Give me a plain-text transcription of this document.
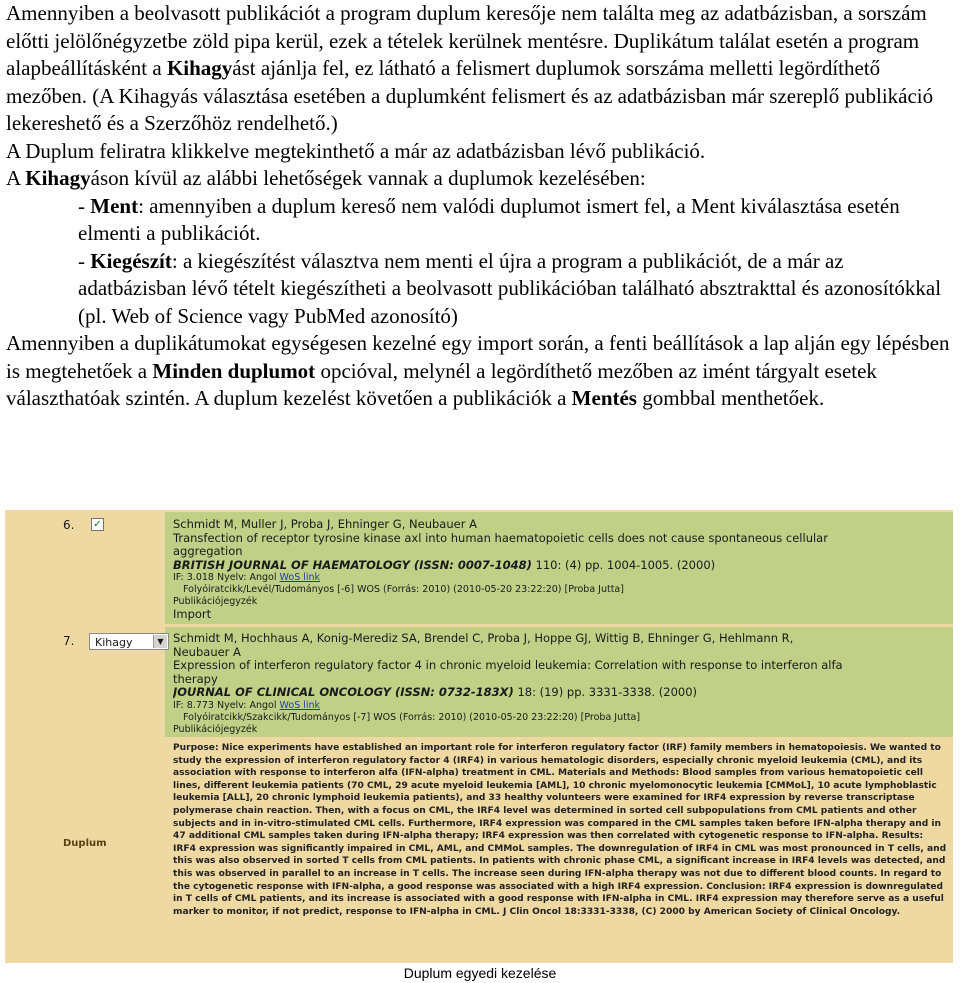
Amennyiben a beolvasott publikációt a program duplum keresője nem találta meg az adatbázisban, a sorszám előtti jelölőnégyzetbe zöld pipa kerül, ezek a tételek kerülnek mentésre. Duplikátum találat esetén a program alapbeállításként a Kihagyást ajánlja fel, ez látható a felismert duplumok sorszáma melletti legördíthető mezőben. (A Kihagyás választása esetében a duplumként felismert és az adatbázisban már szereplő publikáció lekereshető és a Szerzőhöz rendelhető.)

A Duplum feliratra klikkelve megtekinthető a már az adatbázisban lévő publikáció.

A Kihagyáson kívül az alábbi lehetőségek vannak a duplumok kezelésében:

- Ment: amennyiben a duplum kereső nem valódi duplumot ismert fel, a Ment kiválasztása esetén elmenti a publikációt.

- Kiegészít: a kiegészítést választva nem menti el újra a program a publikációt, de a már az adatbázisban lévő tételt kiegészítheti a beolvasott publikációban található absztrakttal és azonosítókkal (pl. Web of Science vagy PubMed azonosító)

Amennyiben a duplikátumokat egységesen kezelné egy import során, a fenti beállítások a lap alján egy lépésben is megtehetőek a Minden duplumot opcióval, melynél a legördíthető mezőben az imént tárgyalt esetek választhatóak szintén. A duplum kezelést követően a publikációk a Mentés gombbal menthetőek.

6. ✓	Schmidt M, Muller J, Proba J, Ehninger G, Neubauer A
Transfection of receptor tyrosine kinase axl into human haematopoietic cells does not cause spontaneous cellular
aggregation
BRITISH JOURNAL OF HAEMATOLOGY (ISSN: 0007-1048) 110: (4) pp. 1004-1005. (2000)
IF: 3.018 Nyelv: Angol WoS link
Folyóiratcikk/Levél/Tudományos [-6] WOS (Forrás: 2010) (2010-05-20 23:22:20) [Proba Jutta]
Publikációjegyzék
Import
7.	Kihagy	▼ Schmidt M, Hochhaus A, Konig-Merediz SA, Brendel C, Proba J, Hoppe GJ, Wittig B, Ehninger G, Hehlmann R,
Neubauer A
Expression of interferon regulatory factor 4 in chronic myeloid leukemia: Correlation with response to interferon alfa
therapy
JOURNAL OF CLINICAL ONCOLOGY (ISSN: 0732-183X) 18: (19) pp. 3331-3338. (2000)
IF: 8.773 Nyelv: Angol WoS link
Folyóiratcikk/Szakcikk/Tudományos [-7] WOS (Forrás: 2010) (2010-05-20 23:22:20) [Proba Jutta]
Publikációjegyzék
Duplum
Purpose: Nice experiments have established an important role for interferon regulatory factor (IRF) family members in hematopoiesis. We wanted to study the expression of interferon regulatory factor 4 (IRF4) in various hematologic disorders, especially chronic myeloid leukemia (CML), and its association with response to interferon alfa (IFN-alpha) treatment in CML. Materials and Methods: Blood samples from various hematopoietic cell lines, different leukemia patients (70 CML, 29 acute myeloid leukemia [AML], 10 chronic myelomonocytic leukemia [CMMoL], 10 acute lymphoblastic leukemia [ALL], 20 chronic lymphoid leukemia patients), and 33 healthy volunteers were examined for IRF4 expression by reverse transcriptase polymerase chain reaction. Then, with a focus on CML, the IRF4 level was determined in sorted cell subpopulations from CML patients and other subjects and in in-vitro-stimulated CML cells. Furthermore, IRF4 expression was compared in the CML samples taken before IFN-alpha therapy and in 47 additional CML samples taken during IFN-alpha therapy; IRF4 expression was then correlated with cytogenetic response to IFN-alpha. Results: IRF4 expression was significantly impaired in CML, AML, and CMMoL samples. The downregulation of IRF4 in CML was most pronounced in T cells, and this was also observed in sorted T cells from CML patients. In patients with chronic phase CML, a significant increase in IRF4 levels was detected, and this was observed in parallel to an increase in T cells. The increase seen during IFN-alpha therapy was not due to different blood counts. In regard to the cytogenetic response with IFN-alpha, a good response was associated with a high IRF4 expression. Conclusion: IRF4 expression is downregulated in T cells of CML patients, and its increase is associated with a good response with IFN-alpha in CML. IRF4 expression may therefore serve as a useful marker to monitor, if not predict, response to IFN-alpha in CML. J Clin Oncol 18:3331-3338, (C) 2000 by American Society of Clinical Oncology.
Duplum egyedi kezelése
